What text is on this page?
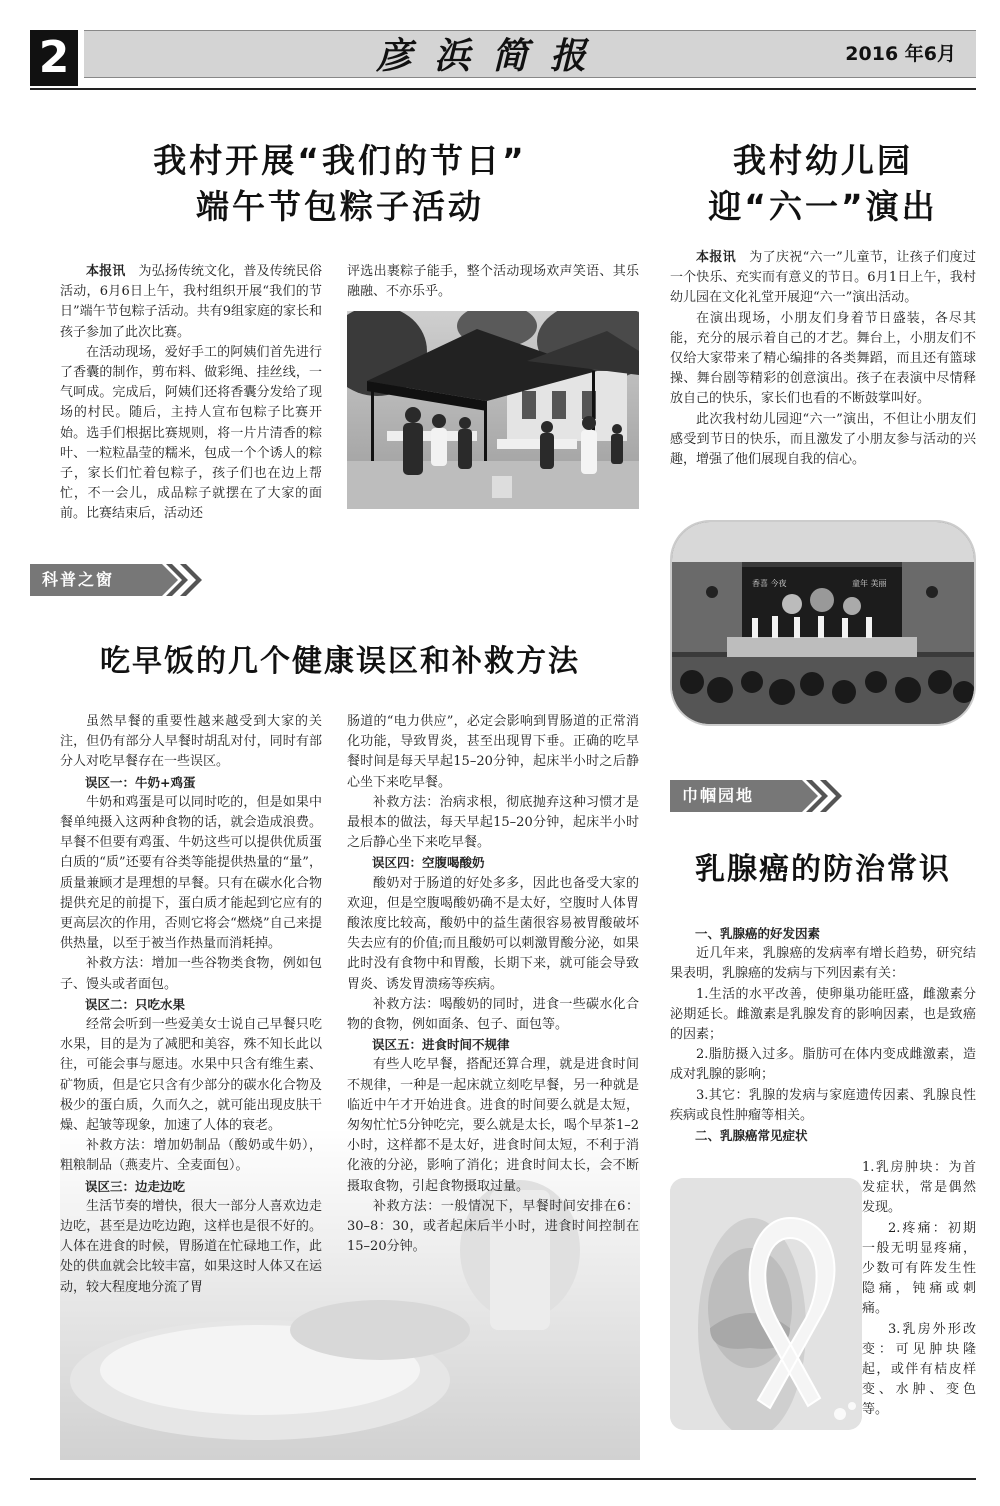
2	彦浜简报	2016 年6月
我村开展“我们的节日”
端午节包粽子活动

本报讯　 为弘扬传统文化，普及传统民俗活动，6月6日上午，我村组织开展“我们的节日”端午节包粽子活动。共有9组家庭的家长和孩子参加了此次比赛。

在活动现场，爱好手工的阿姨们首先进行了香囊的制作，剪布料、做彩绳、挂丝线，一气呵成。完成后，阿姨们还将香囊分发给了现场的村民。随后，主持人宣布包粽子比赛开始。选手们根据比赛规则，将一片片清香的粽叶、一粒粒晶莹的糯米，包成一个个诱人的粽子，家长们忙着包粽子，孩子们也在边上帮忙，不一会儿，成品粽子就摆在了大家的面前。比赛结束后，活动还

评选出裹粽子能手，整个活动现场欢声笑语、其乐融融、不亦乐乎。

我村幼儿园
迎“六一”演出

本报讯　 为了庆祝“六一”儿童节，让孩子们度过一个快乐、充实而有意义的节日。6月1日上午，我村幼儿园在文化礼堂开展迎“六一”演出活动。

在演出现场，小朋友们身着节日盛装，各尽其能，充分的展示着自己的才艺。舞台上，小朋友们不仅给大家带来了精心编排的各类舞蹈，而且还有篮球操、舞台剧等精彩的创意演出。孩子在表演中尽情释放自己的快乐，家长们也看的不断鼓掌叫好。

此次我村幼儿园迎“六一”演出，不但让小朋友们感受到节日的快乐，而且激发了小朋友参与活动的兴趣，增强了他们展现自我的信心。

香喜 今夜	童年 美丽
科普之窗
吃早饭的几个健康误区和补救方法

虽然早餐的重要性越来越受到大家的关注，但仍有部分人早餐时胡乱对付，同时有部分人对吃早餐存在一些误区。

误区一：牛奶+鸡蛋

牛奶和鸡蛋是可以同时吃的，但是如果中餐单纯摄入这两种食物的话，就会造成浪费。早餐不但要有鸡蛋、牛奶这些可以提供优质蛋白质的“质”还要有谷类等能提供热量的“量”，质量兼顾才是理想的早餐。只有在碳水化合物提供充足的前提下，蛋白质才能起到它应有的更高层次的作用，否则它将会“燃烧”自己来提供热量，以至于被当作热量而消耗掉。

补救方法：增加一些谷物类食物，例如包子、馒头或者面包。

误区二：只吃水果

经常会听到一些爱美女士说自己早餐只吃水果，目的是为了减肥和美容，殊不知长此以往，可能会事与愿违。水果中只含有维生素、矿物质，但是它只含有少部分的碳水化合物及极少的蛋白质，久而久之，就可能出现皮肤干燥、起皱等现象，加速了人体的衰老。

补救方法：增加奶制品（酸奶或牛奶），粗粮制品（燕麦片、全麦面包）。

误区三：边走边吃

生活节奏的增快，很大一部分人喜欢边走边吃，甚至是边吃边跑，这样也是很不好的。人体在进食的时候，胃肠道在忙碌地工作，此处的供血就会比较丰富，如果这时人体又在运动，较大程度地分流了胃

肠道的“电力供应”，必定会影响到胃肠道的正常消化功能，导致胃炎，甚至出现胃下垂。正确的吃早餐时间是每天早起15–20分钟，起床半小时之后静心坐下来吃早餐。

补救方法：治病求根，彻底抛弃这种习惯才是最根本的做法，每天早起15–20分钟，起床半小时之后静心坐下来吃早餐。

误区四：空腹喝酸奶

酸奶对于肠道的好处多多，因此也备受大家的欢迎，但是空腹喝酸奶确不是太好，空腹时人体胃酸浓度比较高，酸奶中的益生菌很容易被胃酸破坏失去应有的价值;而且酸奶可以刺激胃酸分泌，如果此时没有食物中和胃酸，长期下来，就可能会导致胃炎、诱发胃溃疡等疾病。

补救方法：喝酸奶的同时，进食一些碳水化合物的食物，例如面条、包子、面包等。

误区五：进食时间不规律

有些人吃早餐，搭配还算合理，就是进食时间不规律，一种是一起床就立刻吃早餐，另一种就是临近中午才开始进食。进食的时间要么就是太短，匆匆忙忙5分钟吃完，要么就是太长，喝个早茶1–2小时，这样都不是太好，进食时间太短，不利于消化液的分泌，影响了消化；进食时间太长，会不断摄取食物，引起食物摄取过量。

补救方法：一般情况下，早餐时间安排在6：30–8：30，或者起床后半小时，进食时间控制在15–20分钟。

巾帼园地
乳腺癌的防治常识
一、乳腺癌的好发因素

近几年来，乳腺癌的发病率有增长趋势，研究结果表明，乳腺癌的发病与下列因素有关：

1.生活的水平改善，使卵巢功能旺盛，雌激素分泌期延长。雌激素是乳腺发育的影响因素，也是致癌的因素；

2.脂肪摄入过多。脂肪可在体内变成雌激素，造成对乳腺的影响；

3.其它：乳腺的发病与家庭遗传因素、乳腺良性疾病或良性肿瘤等相关。

二、乳腺癌常见症状

1.乳房肿块：为首发症状，常是偶然发现。

2.疼痛：初期一般无明显疼痛，少数可有阵发生性隐痛，钝痛或刺痛。

3.乳房外形改变：可见肿块隆起，或伴有桔皮样变、水肿、变色等。
